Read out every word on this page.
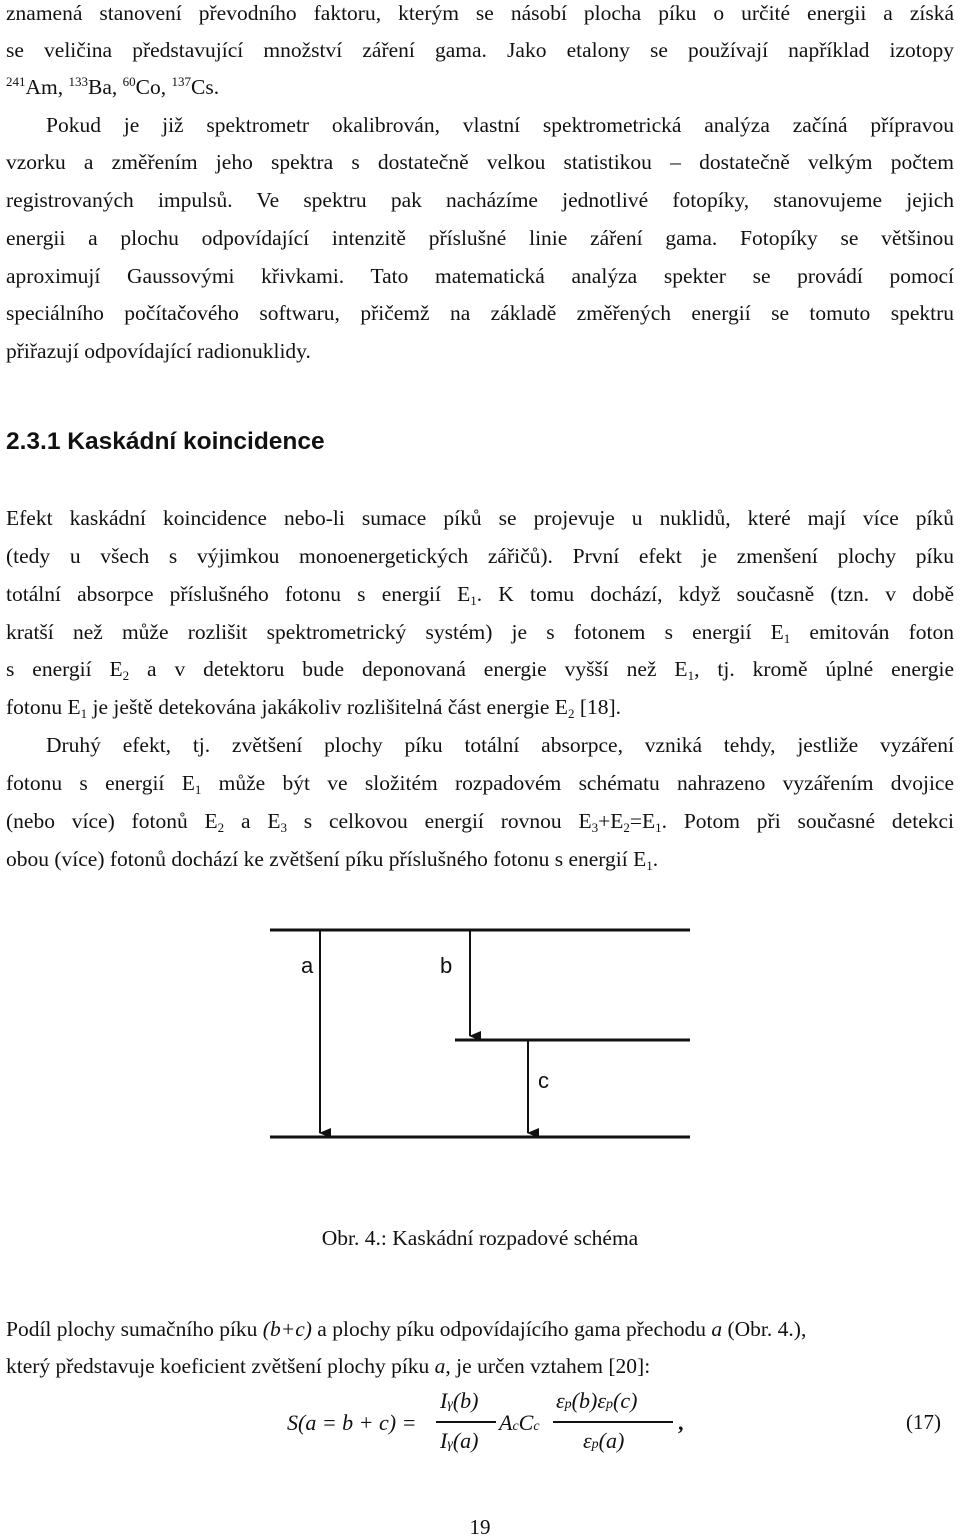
znamená stanovení převodního faktoru, kterým se násobí plocha píku o určité energii a získá
se veličina představující množství záření gama. Jako etalony se používají například izotopy
$^{241}$Am, $^{133}$Ba, $^{60}$Co, $^{137}$Cs.
Pokud je již spektrometr okalibrován, vlastní spektrometrická analýza začíná přípravou
vzorku a změřením jeho spektra s dostatečně velkou statistikou – dostatečně velkým počtem
registrovaných impulsů. Ve spektru pak nacházíme jednotlivé fotopíky, stanovujeme jejich
energii a plochu odpovídající intenzitě příslušné linie záření gama. Fotopíky se většinou
aproximují Gaussovými křivkami. Tato matematická analýza spekter se provádí pomocí
speciálního počítačového softwaru, přičemž na základě změřených energií se tomuto spektru
přiřazují odpovídající radionuklidy.
2.3.1 Kaskádní koincidence
Efekt kaskádní koincidence nebo-li sumace píků se projevuje u nuklidů, které mají více píků
(tedy u všech s výjimkou monoenergetických zářičů). První efekt je zmenšení plochy píku
totální absorpce příslušného fotonu s energií $E_1$. K tomu dochází, když současně (tzn. v době
kratší než může rozlišit spektrometrický systém) je s fotonem s energií $E_1$ emitován foton
s energií $E_2$ a v detektoru bude deponovaná energie vyšší než $E_1$, tj. kromě úplné energie
fotonu $E_1$ je ještě detekována jakákoliv rozlišitelná část energie $E_2$ [18].
Druhý efekt, tj. zvětšení plochy píku totální absorpce, vzniká tehdy, jestliže vyzáření
fotonu s energií $E_1$ může být ve složitém rozpadovém schématu nahrazeno vyzářením dvojice
(nebo více) fotonů $E_2$ a $E_3$ s celkovou energií rovnou $E_3+E_2=E_1$. Potom při současné detekci
obou (více) fotonů dochází ke zvětšení píku příslušného fotonu s energií $E_1$.
a	b
c
Obr. 4.: Kaskádní rozpadové schéma
Podíl plochy sumačního píku (b+c) a plochy píku odpovídajícího gama přechodu a (Obr. 4.),
který představuje koeficient zvětšení plochy píku a, je určen vztahem [20]:
S(a = b + c) =
Iγ(b)
Iγ(a)
AcCc
εp(b)εp(c)
εp(a)
,	(17)
19
